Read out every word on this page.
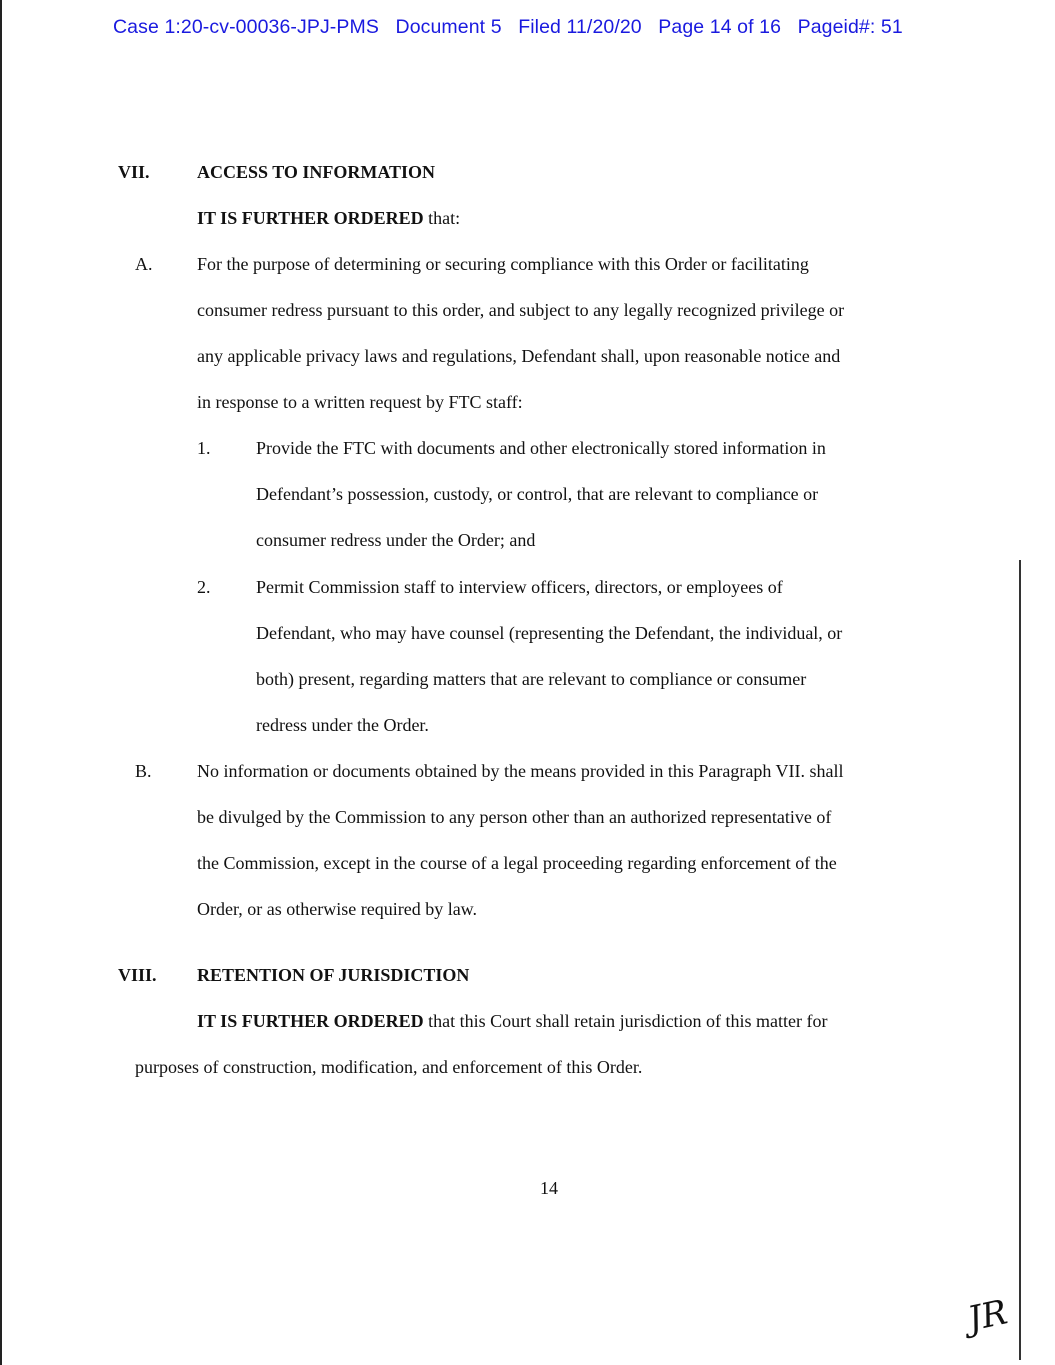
Case 1:20-cv-00036-JPJ-PMS   Document 5   Filed 11/20/20   Page 14 of 16   Pageid#: 51
VII.	ACCESS TO INFORMATION
IT IS FURTHER ORDERED that:
A. For the purpose of determining or securing compliance with this Order or facilitating
consumer redress pursuant to this order, and subject to any legally recognized privilege or
any applicable privacy laws and regulations, Defendant shall, upon reasonable notice and
in response to a written request by FTC staff:
1.	Provide the FTC with documents and other electronically stored information in
Defendant’s possession, custody, or control, that are relevant to compliance or
consumer redress under the Order; and
2.	Permit Commission staff to interview officers, directors, or employees of
Defendant, who may have counsel (representing the Defendant, the individual, or
both) present, regarding matters that are relevant to compliance or consumer
redress under the Order.
B.	No information or documents obtained by the means provided in this Paragraph VII. shall
be divulged by the Commission to any person other than an authorized representative of
the Commission, except in the course of a legal proceeding regarding enforcement of the
Order, or as otherwise required by law.
VIII. RETENTION OF JURISDICTION
IT IS FURTHER ORDERED that this Court shall retain jurisdiction of this matter for
purposes of construction, modification, and enforcement of this Order.
14
JR
